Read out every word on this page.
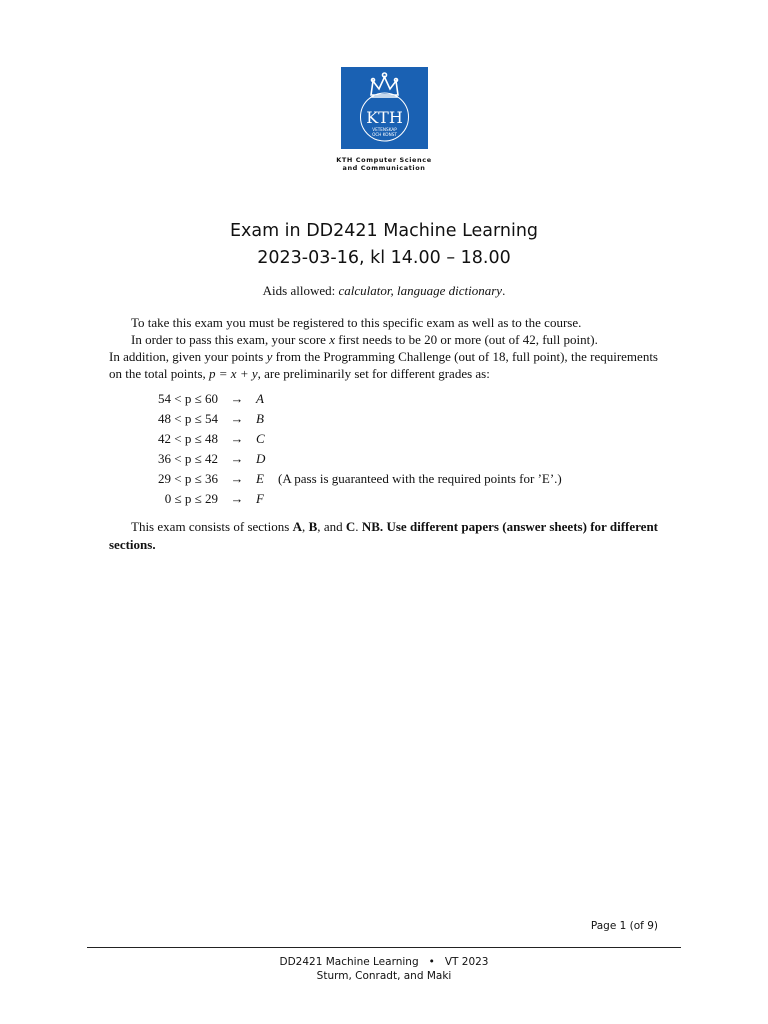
KTH
VETENSKAP
OCH KONST
KTH Computer Science
and Communication
Exam in DD2421 Machine Learning
2023-03-16, kl 14.00 – 18.00
Aids allowed: calculator, language dictionary.
To take this exam you must be registered to this specific exam as well as to the course.
In order to pass this exam, your score x first needs to be 20 or more (out of 42, full point).
In addition, given your points y from the Programming Challenge (out of 18, full point), the requirements on the total points, p = x + y, are preliminarily set for different grades as:
54 < p ≤ 60 → A
48 < p ≤ 54 → B
42 < p ≤ 48 → C
36 < p ≤ 42 → D
29 < p ≤ 36 → E (A pass is guaranteed with the required points for ’E’.)
0 ≤ p ≤ 29 → F
This exam consists of sections A, B, and C. NB. Use different papers (answer sheets) for different sections.
Page 1 (of 9)
DD2421 Machine Learning   •   VT 2023
Sturm, Conradt, and Maki
